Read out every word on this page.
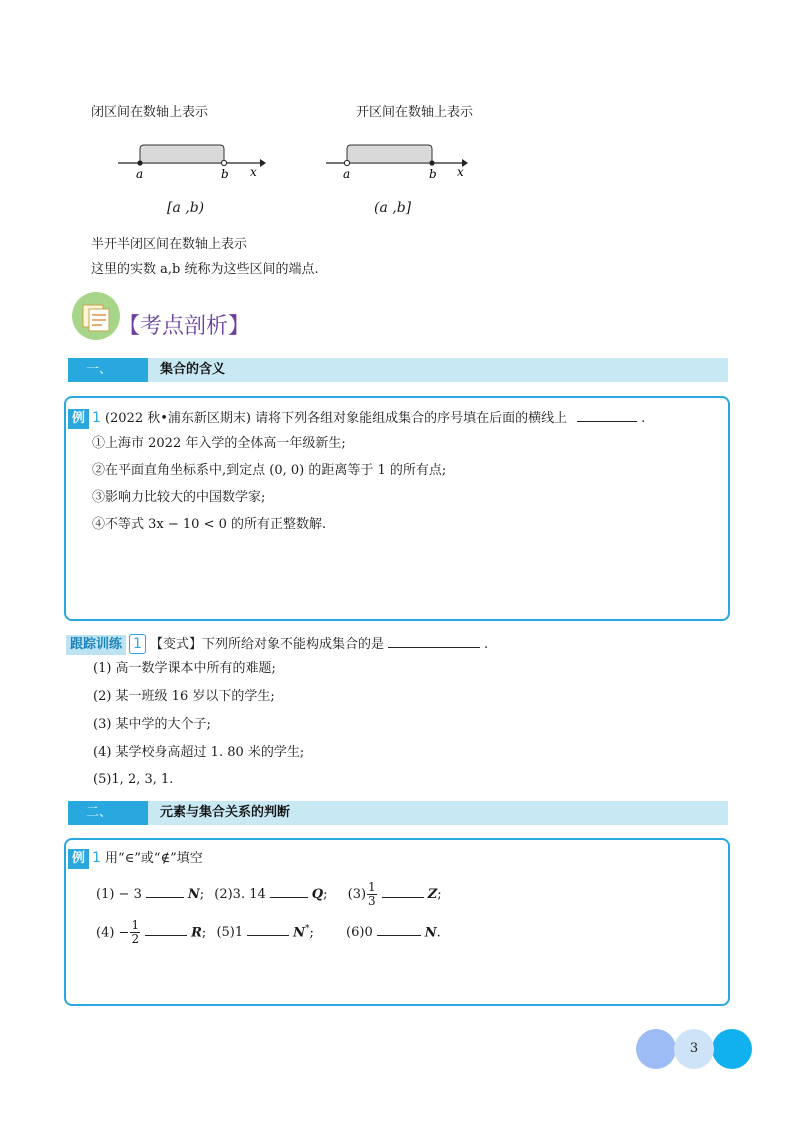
闭区间在数轴上表示	开区间在数轴上表示
a	b x	a	b x
[a ,b)	(a ,b]
半开半闭区间在数轴上表示
这里的实数 a,b 统称为这些区间的端点.
【考点剖析】
一、	集合的含义
例 1 (2022 秋•浦东新区期末) 请将下列各组对象能组成集合的序号填在后面的横线上	.
①上海市 2022 年入学的全体高一年级新生;
②在平面直角坐标系中,到定点 (0, 0) 的距离等于 1 的所有点;
③影响力比较大的中国数学家;
④不等式 3x − 10 < 0 的所有正整数解.
跟踪训练 1 【变式】下列所给对象不能构成集合的是	.
(1) 高一数学课本中所有的难题;
(2) 某一班级 16 岁以下的学生;
(3) 某中学的大个子;
(4) 某学校身高超过 1. 80 米的学生;
(5)1, 2, 3, 1.
二、	元素与集合关系的判断
例 1 用“∈”或“∉”填空
(1) − 3	N; (2)3. 14	Q; $(3) \frac{1}{3}$	Z;
$(4) - \frac{1}{2}$	R; (5)1	N*; (6)0	N.
3
